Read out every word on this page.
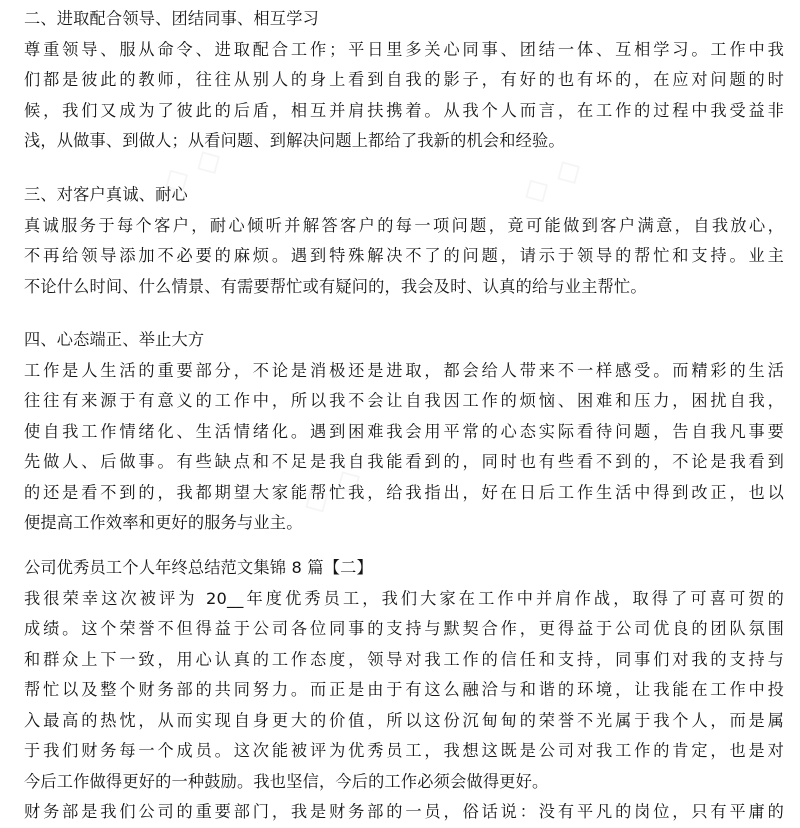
◇ ◇	◇ ◇
◇ ◇
二、进取配合领导、团结同事、相互学习
尊重领导、服从命令、进取配合工作；平日里多关心同事、团结一体、互相学习。工作中我
们都是彼此的教师，往往从别人的身上看到自我的影子，有好的也有坏的，在应对问题的时
候，我们又成为了彼此的后盾，相互并肩扶携着。从我个人而言，在工作的过程中我受益非
浅，从做事、到做人；从看问题、到解决问题上都给了我新的机会和经验。
三、对客户真诚、耐心
真诚服务于每个客户，耐心倾听并解答客户的每一项问题，竟可能做到客户满意，自我放心，
不再给领导添加不必要的麻烦。遇到特殊解决不了的问题，请示于领导的帮忙和支持。业主
不论什么时间、什么情景、有需要帮忙或有疑问的，我会及时、认真的给与业主帮忙。
四、心态端正、举止大方
工作是人生活的重要部分，不论是消极还是进取，都会给人带来不一样感受。而精彩的生活
往往有来源于有意义的工作中，所以我不会让自我因工作的烦恼、困难和压力，困扰自我，
使自我工作情绪化、生活情绪化。遇到困难我会用平常的心态实际看待问题，告自我凡事要
先做人、后做事。有些缺点和不足是我自我能看到的，同时也有些看不到的，不论是我看到
的还是看不到的，我都期望大家能帮忙我，给我指出，好在日后工作生活中得到改正，也以
便提高工作效率和更好的服务与业主。
公司优秀员工个人年终总结范文集锦 8 篇【二】
我很荣幸这次被评为 20__年度优秀员工，我们大家在工作中并肩作战，取得了可喜可贺的
成绩。这个荣誉不但得益于公司各位同事的支持与默契合作，更得益于公司优良的团队氛围
和群众上下一致，用心认真的工作态度，领导对我工作的信任和支持，同事们对我的支持与
帮忙以及整个财务部的共同努力。而正是由于有这么融洽与和谐的环境，让我能在工作中投
入最高的热忱，从而实现自身更大的价值，所以这份沉甸甸的荣誉不光属于我个人，而是属
于我们财务每一个成员。这次能被评为优秀员工，我想这既是公司对我工作的肯定，也是对
今后工作做得更好的一种鼓励。我也坚信，今后的工作必须会做得更好。
财务部是我们公司的重要部门，我是财务部的一员，俗话说：没有平凡的岗位，只有平庸的
